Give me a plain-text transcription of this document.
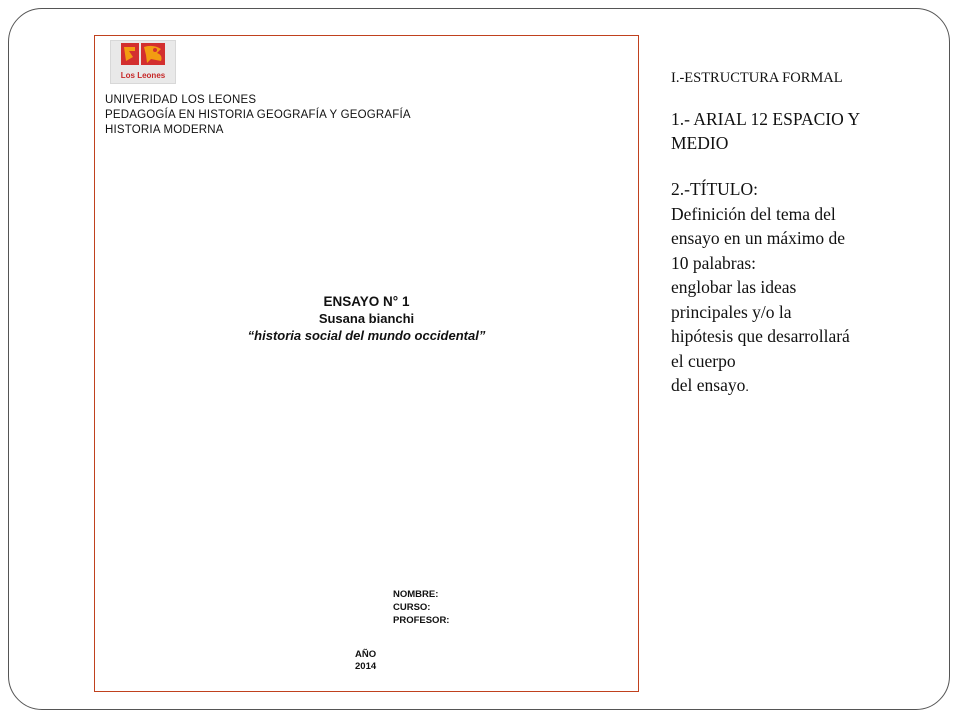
Los Leones
UNIVERIDAD LOS LEONES
PEDAGOGÍA EN HISTORIA GEOGRAFÍA Y GEOGRAFÍA
HISTORIA MODERNA
ENSAYO N° 1
Susana bianchi
“historia social del mundo occidental”
NOMBRE:
CURSO:
PROFESOR:
AÑO
2014
I.-ESTRUCTURA FORMAL
1.- ARIAL 12 ESPACIO Y
MEDIO
2.-TÍTULO:
Definición del tema del
ensayo en un máximo de
10 palabras:
englobar las ideas
principales y/o la
hipótesis que desarrollará
el cuerpo
del ensayo.
